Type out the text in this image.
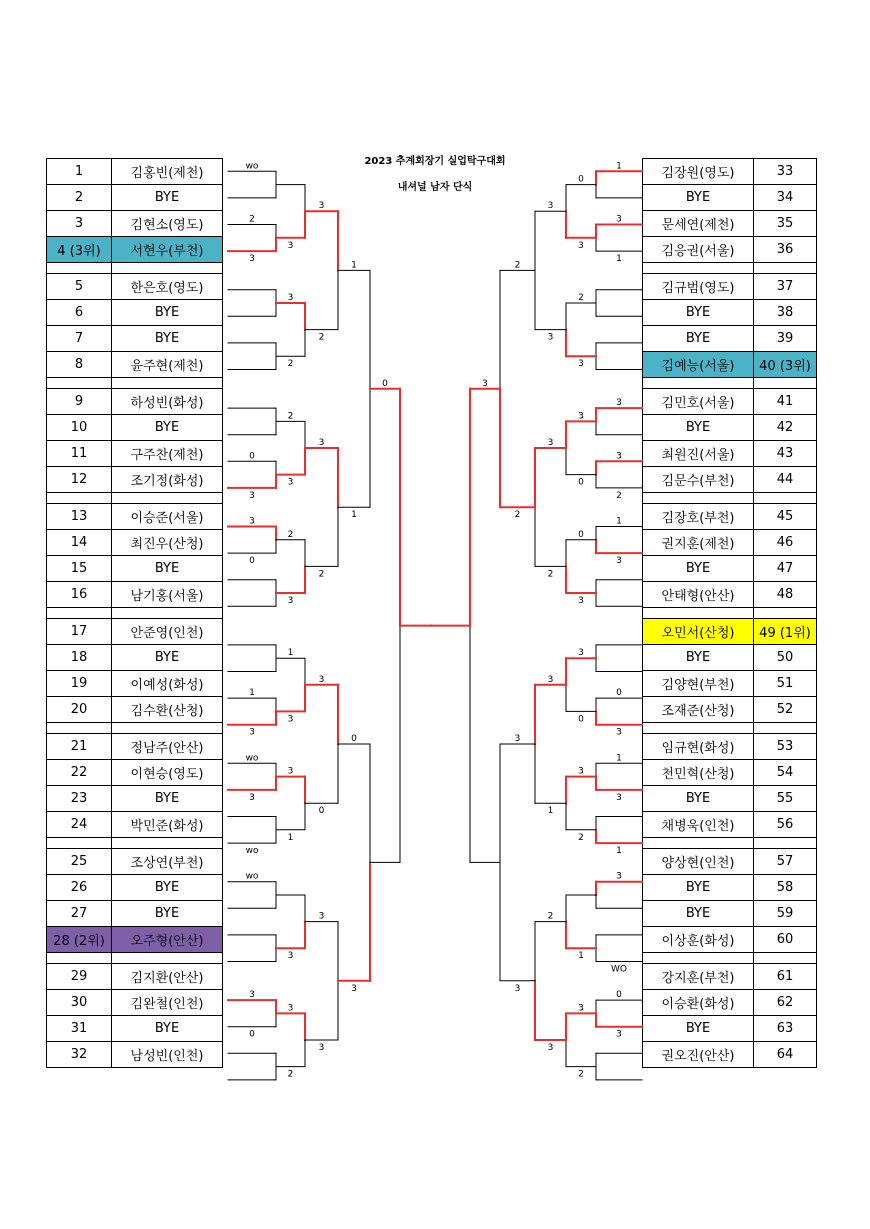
2023 추계회장기 실업탁구대회
내셔널 남자 단식
1	김홍빈(제천)
2	BYE
3	김현소(영도)
4 (3위)	서현우(부천)

5	한은호(영도)
6	BYE
7	BYE
8	윤주현(제천)

9	하성빈(화성)
10	BYE
11	구주찬(제천)
12	조기정(화성)

13	이승준(서울)
14	최진우(산청)
15	BYE
16	남기홍(서울)

17	안준영(인천)
18	BYE
19	이예성(화성)
20	김수환(산청)

21	정남주(안산)
22	이현승(영도)
23	BYE
24	박민준(화성)

25	조상연(부천)
26	BYE
27	BYE
28 (2위)	오주형(안산)

29	김지환(안산)
30	김완철(인천)
31	BYE
32	남성빈(인천)
김장원(영도)	33
BYE	34
문세연(제천)	35
김응권(서울)	36

김규범(영도)	37
BYE	38
BYE	39
김예능(서울)	40 (3위)

김민호(서울)	41
BYE	42
최원진(서울)	43
김문수(부천)	44

김장호(부천)	45
권지훈(제천)	46
BYE	47
안태형(안산)	48

오민서(산청)	49 (1위)
BYE	50
김양현(부천)	51
조재준(산청)	52

임규현(화성)	53
천민혁(산청)	54
BYE	55
채병욱(인천)	56

양상현(인천)	57
BYE	58
BYE	59
이상훈(화성)	60

강지훈(부천)	61
이승환(화성)	62
BYE	63
권오진(안산)	64
wo
2
3
0
3
3
0
1
3
wo
3
wo
wo
3
0
3
3
2
2
3
2
3
1
3
3
1
3
3
2
3
2
3
2
3
0
3
3
1
1
0
3
0
1
3
1
3
3
2
1
3
0
3
1
3
1
3
WO
0
3
0
3
2
3
3
0
0
3
3
0
3
2
1
3
2
3
3
3
2
3
1
2
3
2
2
3
3
3
